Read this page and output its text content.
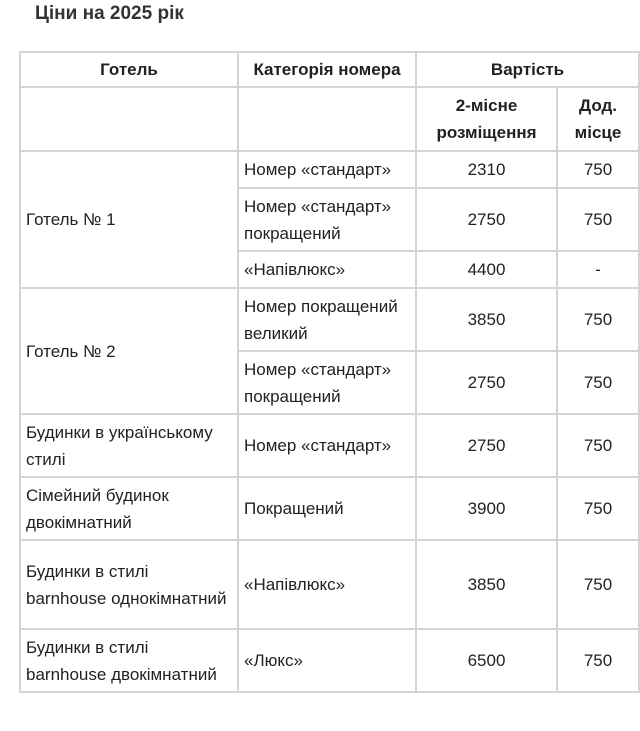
Ціни на 2025 рік
Готель	Категорія номера	Вартість	
		2-місне розміщення	Дод. місце
Готель № 1	Номер «стандарт»	2310	750
	Номер «стандарт» покращений	2750	750
	«Напівлюкс»	4400	-
Готель № 2	Номер покращений великий	3850	750
	Номер «стандарт» покращений	2750	750
Будинки в українському стилі	Номер «стандарт»	2750	750
Сімейний будинок двокімнатний	Покращений	3900	750
Будинки в стилі barnhouse однокімнатний	«Напівлюкс»	3850	750
Будинки в стилі barnhouse двокімнатний	«Люкс»	6500	750
